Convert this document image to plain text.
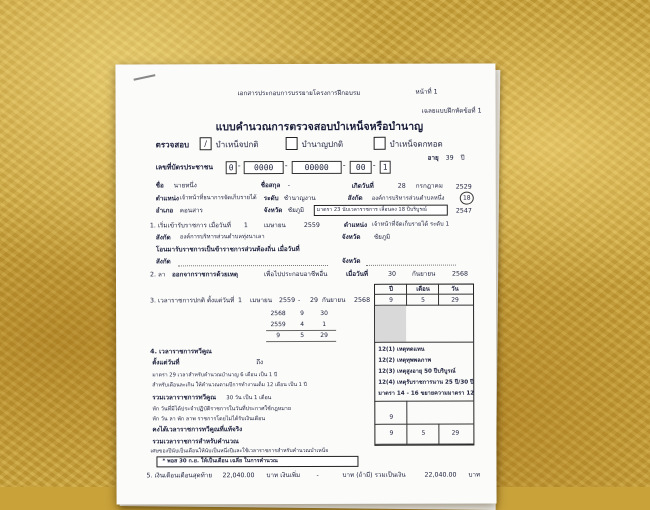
เอกสารประกอบการบรรยายโครงการฝึกอบรม	หน้าที่ 1
เฉลยแบบฝึกหัดข้อที่ 1
แบบคำนวณการตรวจสอบบำเหน็จหรือบำนาญ
ตรวจสอบ	/	บำเหน็จปกติ	บำนาญปกติ	บำเหน็จตกทอด
เลขที่บัตรประชาชน	0 -	0000	-	00000	-	00 - 1
อายุ 39 ปี
ชื่อ นายหนึ่ง	ชื่อสกุล -	เกิดวันที่	28 กรกฎาคม 2529
ตำแหน่ง เจ้าหน้าที่ธนาการจัดเก็บรายได้ ระดับ ชำนาญงาน	สังกัด องค์การบริหารส่วนตำบลหนึ่ง	18
อำเภอ คอนสาร	จังหวัด ชัยภูมิ มาตรา 23 นับเวลาราชการ เลื่อนลง 18 ปีบริบูรณ์	2547
1. เริ่มเข้ารับราชการ เมื่อวันที่ 1	เมษายน	2559	ตำแหน่ง เจ้าหน้าที่จัดเก็บรายได้ ระดับ 1
สังกัด องค์การบริหารส่วนตำบลทุ่งนาเลา	จังหวัด ชัยภูมิ
โอนมารับราชการเป็นข้าราชการส่วนท้องถิ่น เมื่อวันที่
สังกัด	จังหวัด
2. ลา ออกจากราชการด้วยเหตุ	เพื่อไปประกอบอาชีพอื่น	เมื่อวันที่	30	กันยายน	2568
ปี	เดือน	วัน
9	5	29
3. เวลาราชการปกติ ตั้งแต่วันที่ 1 เมษายน 2559 - 29 กันยายน 2568
2568	9	30
2559	4	1
9	5	29
4. เวลาราชการทวีคูณ
ตั้งแต่วันที่	ถึง
มาตรา 29 เวลาสำหรับคำนวณบำนาญ 6 เดือน เป็น 1 ปี
สำหรับเดือนละเกิน ให้คำนวณตามปีการทำงานเต็ม 12 เดือน เป็น 1 ปี
รวมเวลาราชการทวีคูณ 30 วัน เป็น 1 เดือน
หัก วันที่มิได้ประจำปฏิบัติราชการในวันที่ประกาศใช้กฎหมาย
หัก วัน ลา พัก ลาพ ราชการโดยไม่ได้รับเงินเดือน
คงได้เวลาราชการทวีคูณที่แท้จริง
รวมเวลาราชการสำหรับคำนวณ
12(1) เหตุทดแทน
12(2) เหตุทุพพลภาพ
12(3) เหตุสูงอายุ 50 ปีบริบูรณ์
12(4) เหตุรับราชการนาน 25 ปี/30 ปี
มาตรา 14 - 16 ขยายความมาตรา 12
9
9	5	29
เศษของปีนับเป็นเดือนให้นับเป็นหนึ่งปีและใช้เวลาราชการสำหรับคำนวณบำเหน็จ
* พอส 30 ก.ย. ให้เป็นเดือน เฉลี่ย ในการคำนวณ
5. เงินเดือนเดือนสุดท้าย 22,040.00 บาท เงินเพิ่ม	-	บาท (ถ้ามี) รวมเป็นเงิน	22,040.00 บาท
